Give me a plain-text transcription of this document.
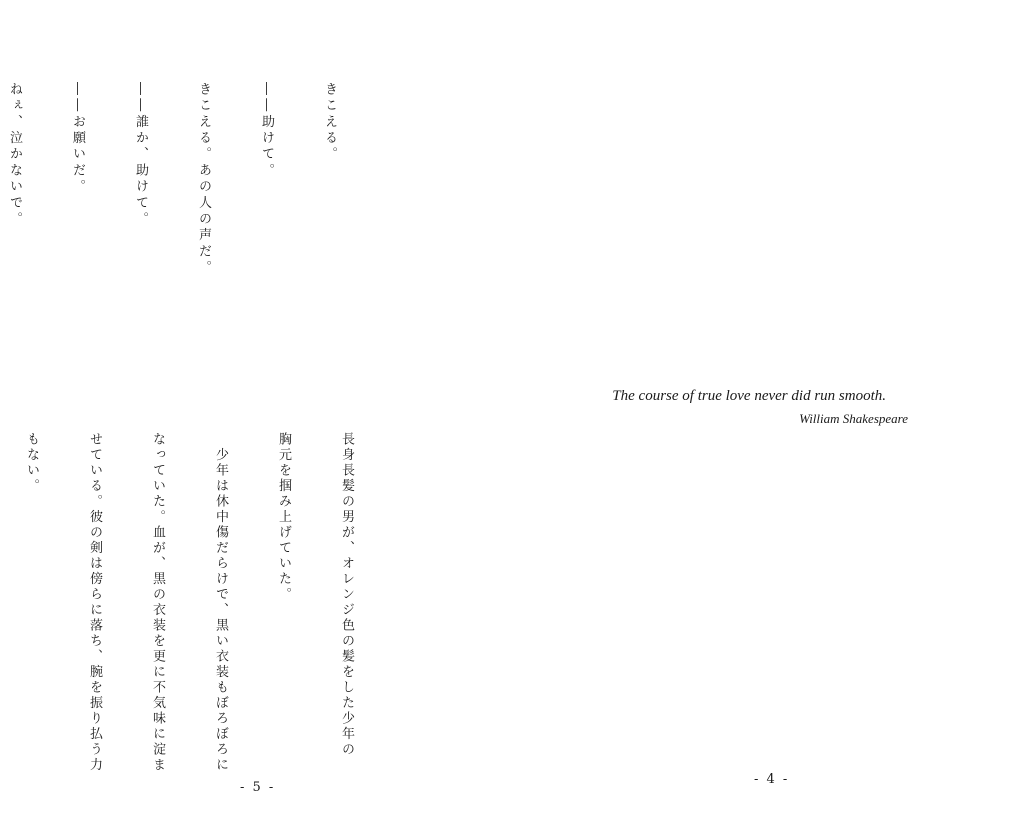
きこえる。

――助けて。

きこえる。あの人の声だ。

――誰か、助けて。

――お願いだ。

ねぇ、泣かないで。

長身長髪の男が、オレンジ色の髪をした少年の

胸元を掴み上げていた。

　少年は休中傷だらけで、黒い衣装もぼろぼろに

なっていた。血が、黒の衣装を更に不気味に淀ま

せている。彼の剣は傍らに落ち、腕を振り払う力

もない。

- 5 -
The course of true love never did run smooth.
William Shakespeare
- 4 -
